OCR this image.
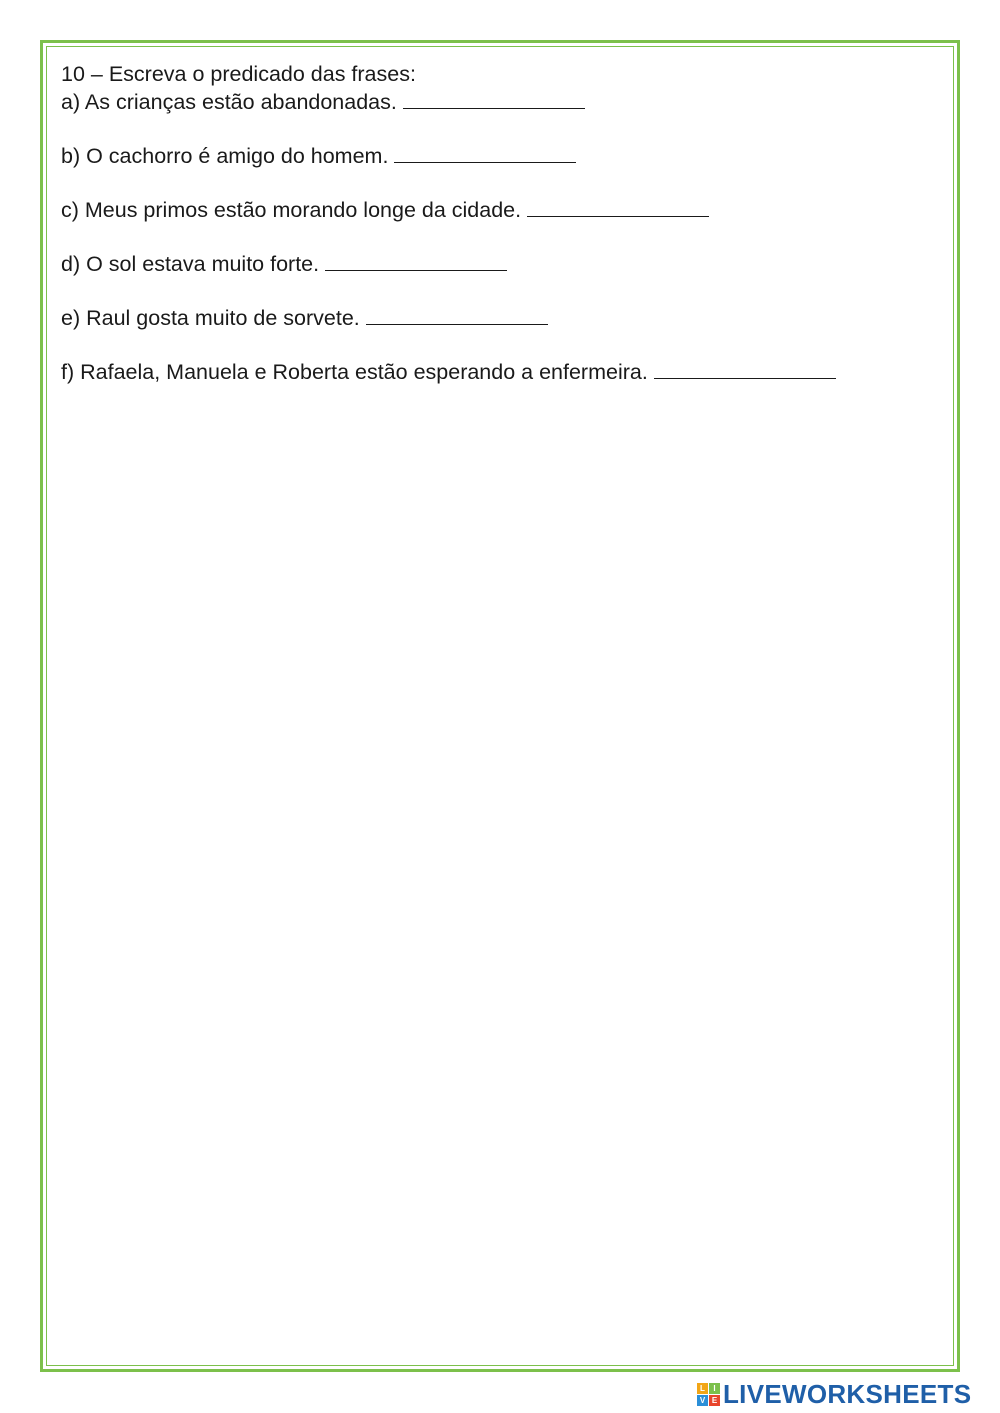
10 – Escreva o predicado das frases:

a) As crianças estão abandonadas.

b) O cachorro é amigo do homem.

c) Meus primos estão morando longe da cidade.

d) O sol estava muito forte.

e) Raul gosta muito de sorvete.

f) Rafaela, Manuela e Roberta estão esperando a enfermeira.

L	I
V E LIVEWORKSHEETS
